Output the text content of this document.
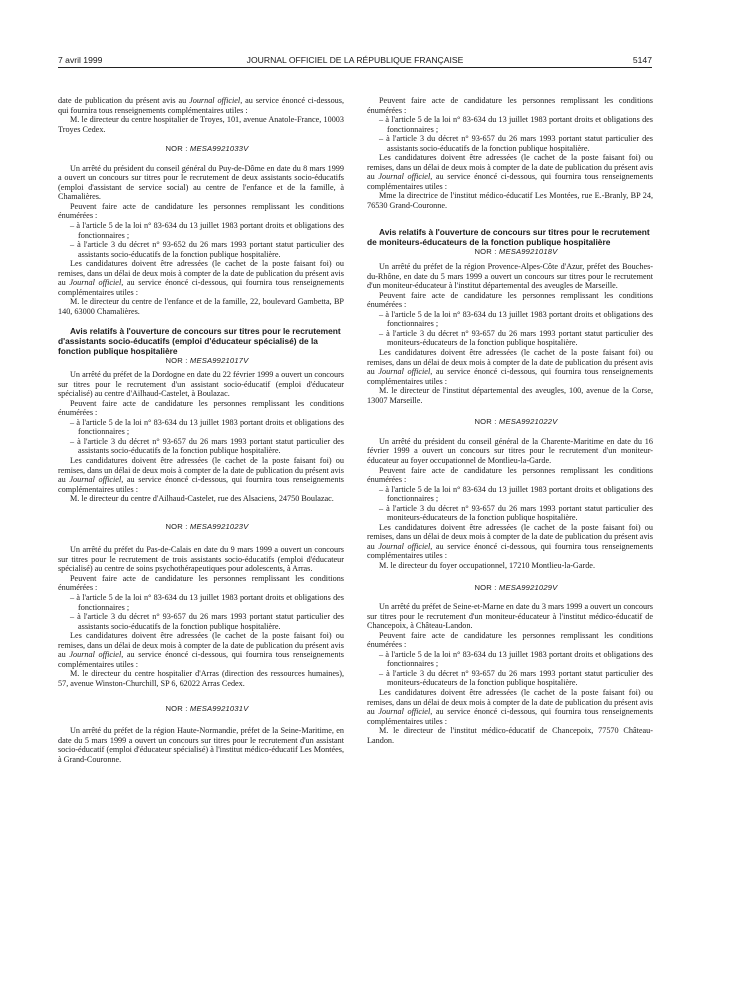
7 avril 1999	JOURNAL OFFICIEL DE LA RÉPUBLIQUE FRANÇAISE	5147

date de publication du présent avis au Journal officiel, au service énoncé ci-dessous, qui fournira tous renseignements complémentaires utiles :

M. le directeur du centre hospitalier de Troyes, 101, avenue Anatole-France, 10003 Troyes Cedex.

NOR : MESA9921033V

Un arrêté du président du conseil général du Puy-de-Dôme en date du 8 mars 1999 a ouvert un concours sur titres pour le recrutement de deux assistants socio-éducatifs (emploi d'assistant de service social) au centre de l'enfance et de la famille, à Chamalières.

Peuvent faire acte de candidature les personnes remplissant les conditions énumérées :

– à l'article 5 de la loi n° 83-634 du 13 juillet 1983 portant droits et obligations des fonctionnaires ;
– à l'article 3 du décret n° 93-652 du 26 mars 1993 portant statut particulier des assistants socio-éducatifs de la fonction publique hospitalière.

Les candidatures doivent être adressées (le cachet de la poste faisant foi) ou remises, dans un délai de deux mois à compter de la date de publication du présent avis au Journal officiel, au service énoncé ci-dessous, qui fournira tous renseignements complémentaires utiles :

M. le directeur du centre de l'enfance et de la famille, 22, boulevard Gambetta, BP 140, 63000 Chamalières.

Avis relatifs à l'ouverture de concours sur titres pour le recrutement d'assistants socio-éducatifs (emploi d'éducateur spécialisé) de la fonction publique hospitalière

NOR : MESA9921017V

Un arrêté du préfet de la Dordogne en date du 22 février 1999 a ouvert un concours sur titres pour le recrutement d'un assistant socio-éducatif (emploi d'éducateur spécialisé) au centre d'Ailhaud-Castelet, à Boulazac.

Peuvent faire acte de candidature les personnes remplissant les conditions énumérées :

– à l'article 5 de la loi n° 83-634 du 13 juillet 1983 portant droits et obligations des fonctionnaires ;
– à l'article 3 du décret n° 93-657 du 26 mars 1993 portant statut particulier des assistants socio-éducatifs de la fonction publique hospitalière.

Les candidatures doivent être adressées (le cachet de la poste faisant foi) ou remises, dans un délai de deux mois à compter de la date de publication du présent avis au Journal officiel, au service énoncé ci-dessous, qui fournira tous renseignements complémentaires utiles :

M. le directeur du centre d'Ailhaud-Castelet, rue des Alsaciens, 24750 Boulazac.

NOR : MESA9921023V

Un arrêté du préfet du Pas-de-Calais en date du 9 mars 1999 a ouvert un concours sur titres pour le recrutement de trois assistants socio-éducatifs (emploi d'éducateur spécialisé) au centre de soins psychothérapeutiques pour adolescents, à Arras.

Peuvent faire acte de candidature les personnes remplissant les conditions énumérées :

– à l'article 5 de la loi n° 83-634 du 13 juillet 1983 portant droits et obligations des fonctionnaires ;
– à l'article 3 du décret n° 93-657 du 26 mars 1993 portant statut particulier des assistants socio-éducatifs de la fonction publique hospitalière.

Les candidatures doivent être adressées (le cachet de la poste faisant foi) ou remises, dans un délai de deux mois à compter de la date de publication du présent avis au Journal officiel, au service énoncé ci-dessous, qui fournira tous renseignements complémentaires utiles :

M. le directeur du centre hospitalier d'Arras (direction des ressources humaines), 57, avenue Winston-Churchill, SP 6, 62022 Arras Cedex.

NOR : MESA9921031V

Un arrêté du préfet de la région Haute-Normandie, préfet de la Seine-Maritime, en date du 5 mars 1999 a ouvert un concours sur titres pour le recrutement d'un assistant socio-éducatif (emploi d'éducateur spécialisé) à l'institut médico-éducatif Les Montées, à Grand-Couronne.

Peuvent faire acte de candidature les personnes remplissant les conditions énumérées :

– à l'article 5 de la loi n° 83-634 du 13 juillet 1983 portant droits et obligations des fonctionnaires ;
– à l'article 3 du décret n° 93-657 du 26 mars 1993 portant statut particulier des assistants socio-éducatifs de la fonction publique hospitalière.

Les candidatures doivent être adressées (le cachet de la poste faisant foi) ou remises, dans un délai de deux mois à compter de la date de publication du présent avis au Journal officiel, au service énoncé ci-dessous, qui fournira tous renseignements complémentaires utiles :

Mme la directrice de l'institut médico-éducatif Les Montées, rue E.-Branly, BP 24, 76530 Grand-Couronne.

Avis relatifs à l'ouverture de concours sur titres pour le recrutement de moniteurs-éducateurs de la fonction publique hospitalière

NOR : MESA9921018V

Un arrêté du préfet de la région Provence-Alpes-Côte d'Azur, préfet des Bouches-du-Rhône, en date du 5 mars 1999 a ouvert un concours sur titres pour le recrutement d'un moniteur-éducateur à l'institut départemental des aveugles de Marseille.

Peuvent faire acte de candidature les personnes remplissant les conditions énumérées :

– à l'article 5 de la loi n° 83-634 du 13 juillet 1983 portant droits et obligations des fonctionnaires ;
– à l'article 3 du décret n° 93-657 du 26 mars 1993 portant statut particulier des moniteurs-éducateurs de la fonction publique hospitalière.

Les candidatures doivent être adressées (le cachet de la poste faisant foi) ou remises, dans un délai de deux mois à compter de la date de publication du présent avis au Journal officiel, au service énoncé ci-dessous, qui fournira tous renseignements complémentaires utiles :

M. le directeur de l'institut départemental des aveugles, 100, avenue de la Corse, 13007 Marseille.

NOR : MESA9921022V

Un arrêté du président du conseil général de la Charente-Maritime en date du 16 février 1999 a ouvert un concours sur titres pour le recrutement d'un moniteur-éducateur au foyer occupationnel de Montlieu-la-Garde.

Peuvent faire acte de candidature les personnes remplissant les conditions énumérées :

– à l'article 5 de la loi n° 83-634 du 13 juillet 1983 portant droits et obligations des fonctionnaires ;
– à l'article 3 du décret n° 93-657 du 26 mars 1993 portant statut particulier des moniteurs-éducateurs de la fonction publique hospitalière.

Les candidatures doivent être adressées (le cachet de la poste faisant foi) ou remises, dans un délai de deux mois à compter de la date de publication du présent avis au Journal officiel, au service énoncé ci-dessous, qui fournira tous renseignements complémentaires utiles :

M. le directeur du foyer occupationnel, 17210 Montlieu-la-Garde.

NOR : MESA9921029V

Un arrêté du préfet de Seine-et-Marne en date du 3 mars 1999 a ouvert un concours sur titres pour le recrutement d'un moniteur-éducateur à l'institut médico-éducatif de Chancepoix, à Château-Landon.

Peuvent faire acte de candidature les personnes remplissant les conditions énumérées :

– à l'article 5 de la loi n° 83-634 du 13 juillet 1983 portant droits et obligations des fonctionnaires ;
– à l'article 3 du décret n° 93-657 du 26 mars 1993 portant statut particulier des moniteurs-éducateurs de la fonction publique hospitalière.

Les candidatures doivent être adressées (le cachet de la poste faisant foi) ou remises, dans un délai de deux mois à compter de la date de publication du présent avis au Journal officiel, au service énoncé ci-dessous, qui fournira tous renseignements complémentaires utiles :

M. le directeur de l'institut médico-éducatif de Chancepoix, 77570 Château-Landon.
